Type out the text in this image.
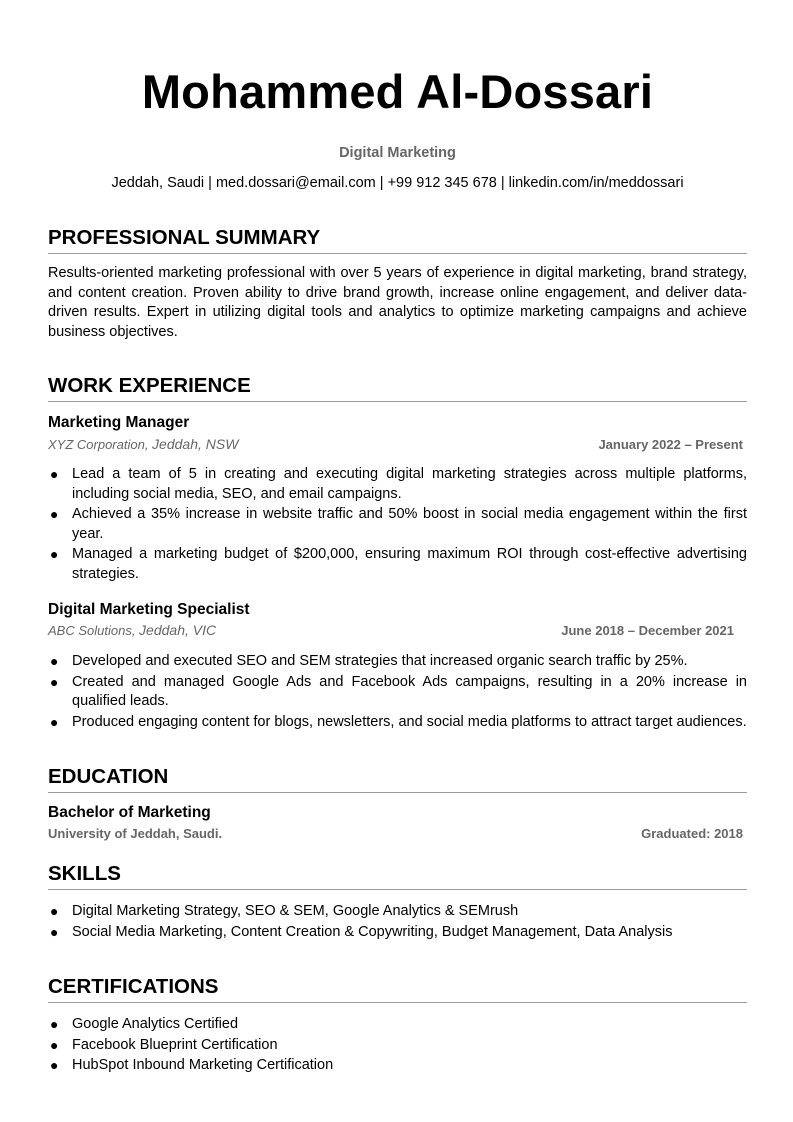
Mohammed Al-Dossari
Digital Marketing
Jeddah, Saudi | med.dossari@email.com | +99 912 345 678 | linkedin.com/in/meddossari
PROFESSIONAL SUMMARY
Results-oriented marketing professional with over 5 years of experience in digital marketing, brand strategy, and content creation. Proven ability to drive brand growth, increase online engagement, and deliver data-driven results. Expert in utilizing digital tools and analytics to optimize marketing campaigns and achieve business objectives.
WORK EXPERIENCE
Marketing Manager
XYZ Corporation, Jeddah, NSW	January 2022 – Present
● Lead a team of 5 in creating and executing digital marketing strategies across multiple platforms, including social media, SEO, and email campaigns.
● Achieved a 35% increase in website traffic and 50% boost in social media engagement within the first year.
● Managed a marketing budget of $200,000, ensuring maximum ROI through cost-effective advertising strategies.
Digital Marketing Specialist
ABC Solutions, Jeddah, VIC	June 2018 – December 2021
● Developed and executed SEO and SEM strategies that increased organic search traffic by 25%.
● Created and managed Google Ads and Facebook Ads campaigns, resulting in a 20% increase in qualified leads.
● Produced engaging content for blogs, newsletters, and social media platforms to attract target audiences.
EDUCATION
Bachelor of Marketing
University of Jeddah, Saudi.	Graduated: 2018
SKILLS
● Digital Marketing Strategy, SEO & SEM, Google Analytics & SEMrush
● Social Media Marketing, Content Creation & Copywriting, Budget Management, Data Analysis
CERTIFICATIONS
● Google Analytics Certified
● Facebook Blueprint Certification
● HubSpot Inbound Marketing Certification
